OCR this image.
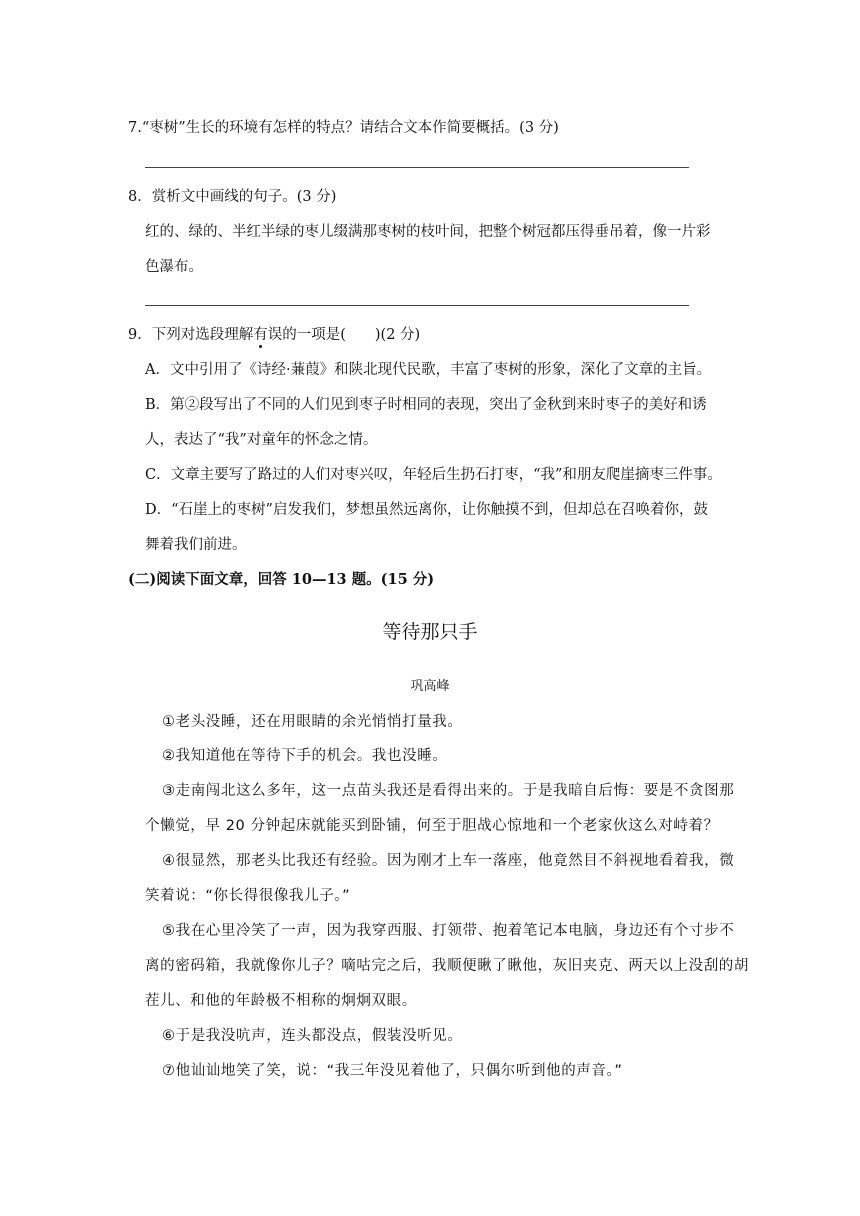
7.“枣树”生长的环境有怎样的特点？请结合文本作简要概括。(3 分)
8．赏析文中画线的句子。(3 分)
红的、绿的、半红半绿的枣儿缀满那枣树的枝叶间，把整个树冠都压得垂吊着，像一片彩
色瀑布。
9．下列对选段理解有误的一项是(　　)(2 分)
A．文中引用了《诗经·蒹葭》和陕北现代民歌，丰富了枣树的形象，深化了文章的主旨。
B．第②段写出了不同的人们见到枣子时相同的表现，突出了金秋到来时枣子的美好和诱
人，表达了“我”对童年的怀念之情。
C．文章主要写了路过的人们对枣兴叹，年轻后生扔石打枣，“我”和朋友爬崖摘枣三件事。
D．“石崖上的枣树”启发我们，梦想虽然远离你，让你触摸不到，但却总在召唤着你，鼓
舞着我们前进。
(二)阅读下面文章，回答 10—13 题。(15 分)
等待那只手
巩高峰
①老头没睡，还在用眼睛的余光悄悄打量我。
②我知道他在等待下手的机会。我也没睡。
③走南闯北这么多年，这一点苗头我还是看得出来的。于是我暗自后悔：要是不贪图那
个懒觉，早 20 分钟起床就能买到卧铺，何至于胆战心惊地和一个老家伙这么对峙着？
④很显然，那老头比我还有经验。因为刚才上车一落座，他竟然目不斜视地看着我，微
笑着说：“你长得很像我儿子。”
⑤我在心里冷笑了一声，因为我穿西服、打领带、抱着笔记本电脑，身边还有个寸步不
离的密码箱，我就像你儿子？嘀咕完之后，我顺便瞅了瞅他，灰旧夹克、两天以上没刮的胡
茬儿、和他的年龄极不相称的炯炯双眼。
⑥于是我没吭声，连头都没点，假装没听见。
⑦他讪讪地笑了笑，说：“我三年没见着他了，只偶尔听到他的声音。”
